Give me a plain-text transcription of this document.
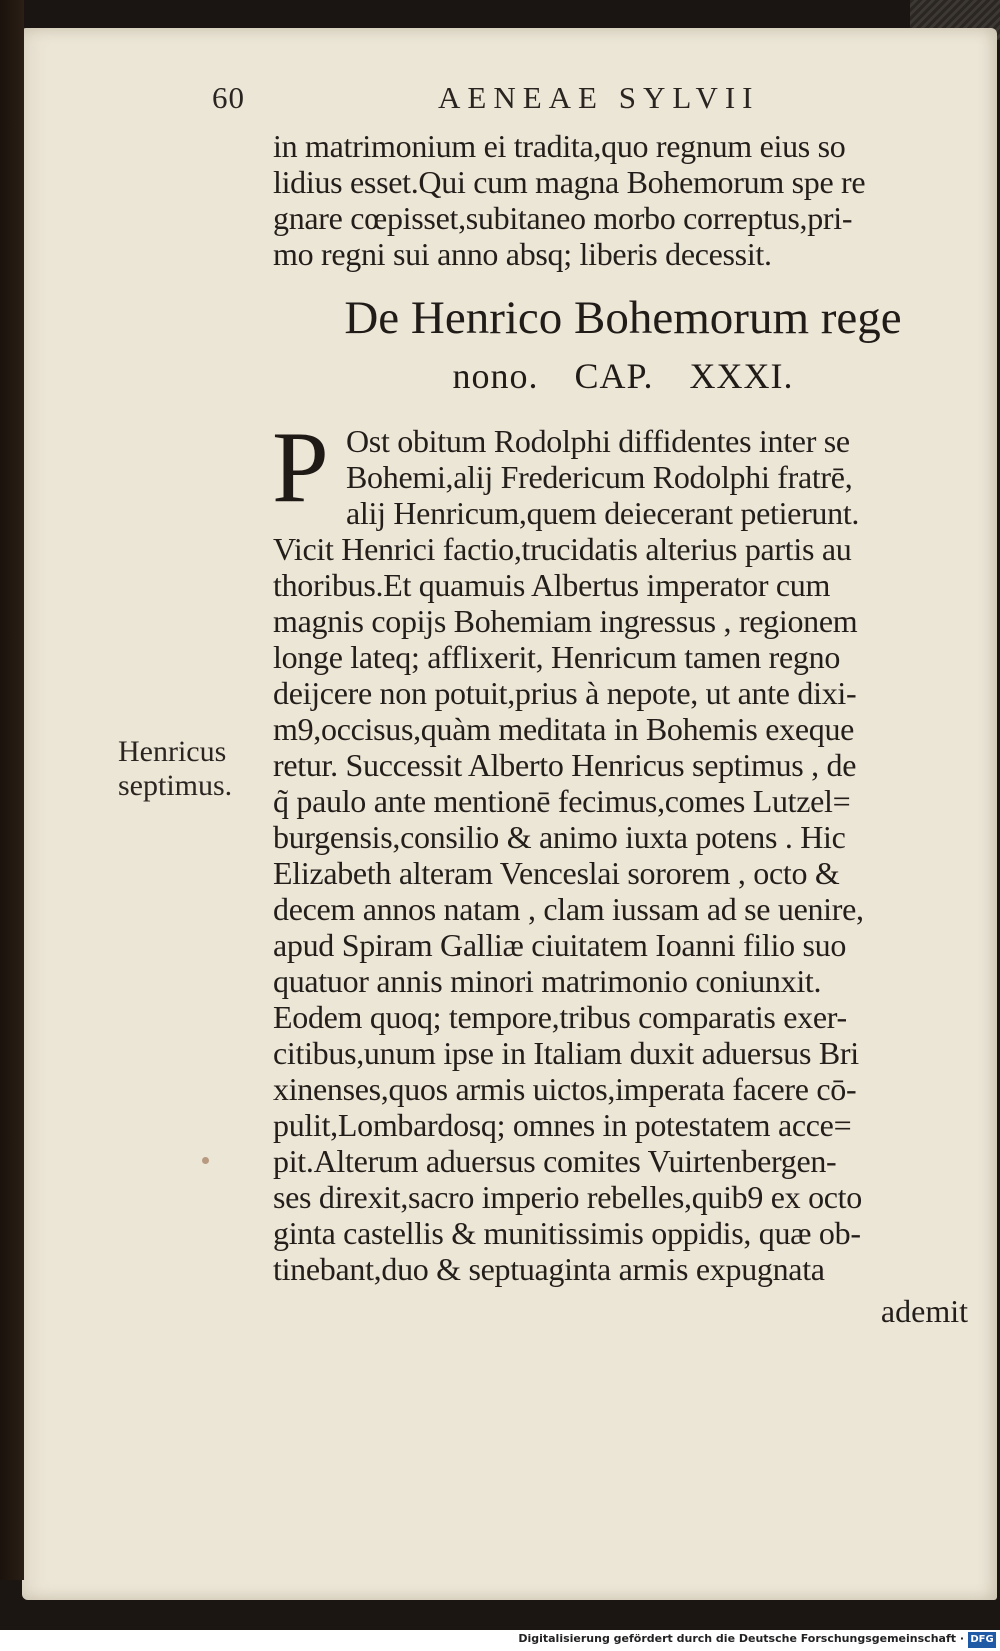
60	AENEAE SYLVII
in matrimonium ei tradita,quo regnum eius so
lidius esset.Qui cum magna Bohemorum spe re
gnare cœpisset,subitaneo morbo correptus,pri-
mo regni sui anno absq; liberis decessit.
De Henrico Bohemorum rege
nono. CAP. XXXI.
P Ost obitum Rodolphi diffidentes inter se
Bohemi,alij Fredericum Rodolphi fratrē,
alij Henricum,quem deiecerant petierunt.
Vicit Henrici factio,trucidatis alterius partis au
thoribus.Et quamuis Albertus imperator cum
magnis copijs Bohemiam ingressus , regionem
longe lateq; afflixerit, Henricum tamen regno
deijcere non potuit,prius à nepote, ut ante dixi-
m9,occisus,quàm meditata in Bohemis exeque
retur. Successit Alberto Henricus septimus , de
q̃ paulo ante mentionē fecimus,comes Lutzel=
burgensis,consilio & animo iuxta potens . Hic
Elizabeth alteram Venceslai sororem , octo &
decem annos natam , clam iussam ad se uenire,
apud Spiram Galliæ ciuitatem Ioanni filio suo
quatuor annis minori matrimonio coniunxit.
Eodem quoq; tempore,tribus comparatis exer-
citibus,unum ipse in Italiam duxit aduersus Bri
xinenses,quos armis uictos,imperata facere cō-
pulit,Lombardosq; omnes in potestatem acce=
pit.Alterum aduersus comites Vuirtenbergen-
ses direxit,sacro imperio rebelles,quib9 ex octo
ginta castellis & munitissimis oppidis, quæ ob-
tinebant,duo & septuaginta armis expugnata
ademit
Henricus
septimus.
Digitalisierung gefördert durch die Deutsche Forschungsgemeinschaft · DFG
